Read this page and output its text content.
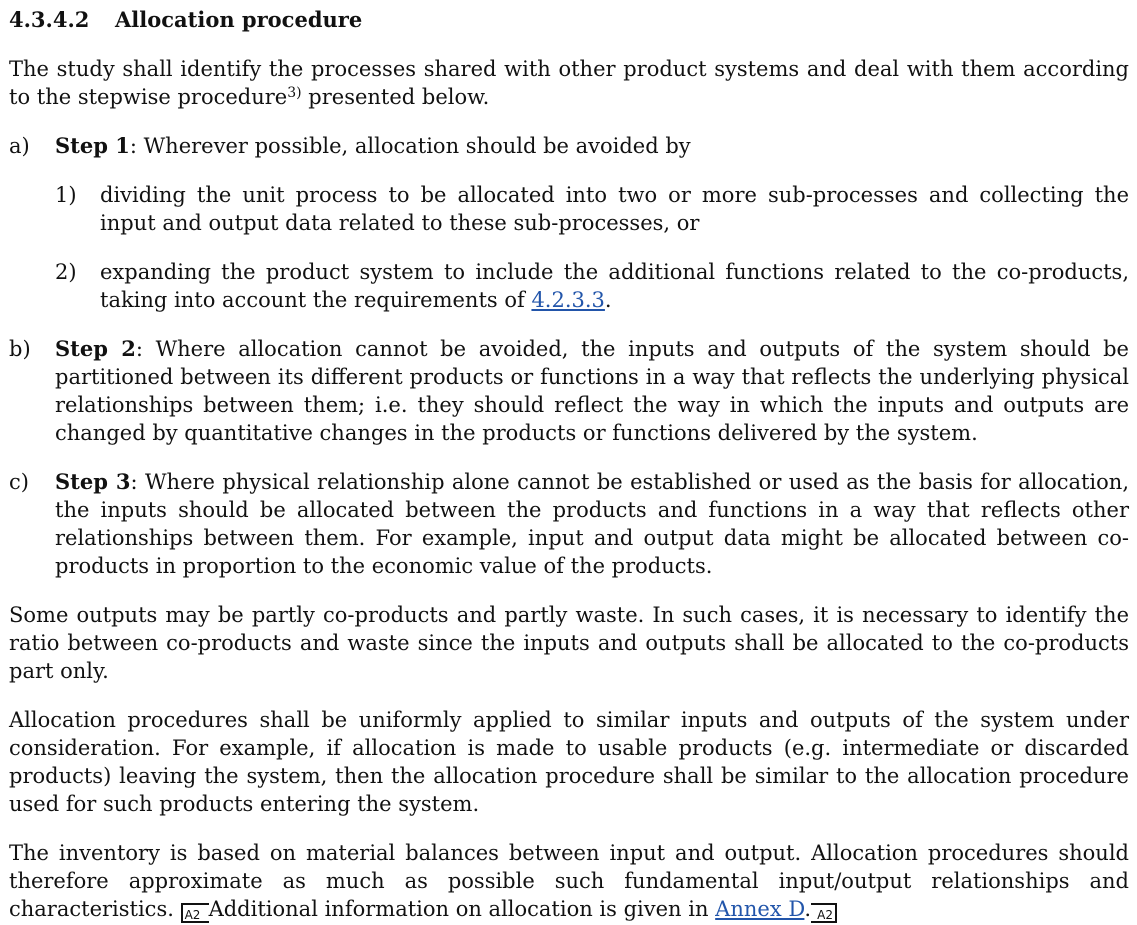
4.3.4.2	Allocation procedure

The study shall identify the processes shared with other product systems and deal with them according to the stepwise procedure$^{3)}$ presented below.

a)	Step 1: Wherever possible, allocation should be avoided by
1)	dividing the unit process to be allocated into two or more sub-processes and collecting the input and output data related to these sub-processes, or
2)	expanding the product system to include the additional functions related to the co-products, taking into account the requirements of 4.2.3.3.
b)	Step 2: Where allocation cannot be avoided, the inputs and outputs of the system should be partitioned between its different products or functions in a way that reflects the underlying physical relationships between them; i.e. they should reflect the way in which the inputs and outputs are changed by quantitative changes in the products or functions delivered by the system.
c)	Step 3: Where physical relationship alone cannot be established or used as the basis for allocation, the inputs should be allocated between the products and functions in a way that reflects other relationships between them. For example, input and output data might be allocated between co-products in proportion to the economic value of the products.

Some outputs may be partly co-products and partly waste. In such cases, it is necessary to identify the ratio between co-products and waste since the inputs and outputs shall be allocated to the co-products part only.

Allocation procedures shall be uniformly applied to similar inputs and outputs of the system under consideration. For example, if allocation is made to usable products (e.g. intermediate or discarded products) leaving the system, then the allocation procedure shall be similar to the allocation procedure used for such products entering the system.

The inventory is based on material balances between input and output. Allocation procedures should therefore approximate as much as possible such fundamental input/output relationships and characteristics. A2 Additional information on allocation is given in Annex D. A2
